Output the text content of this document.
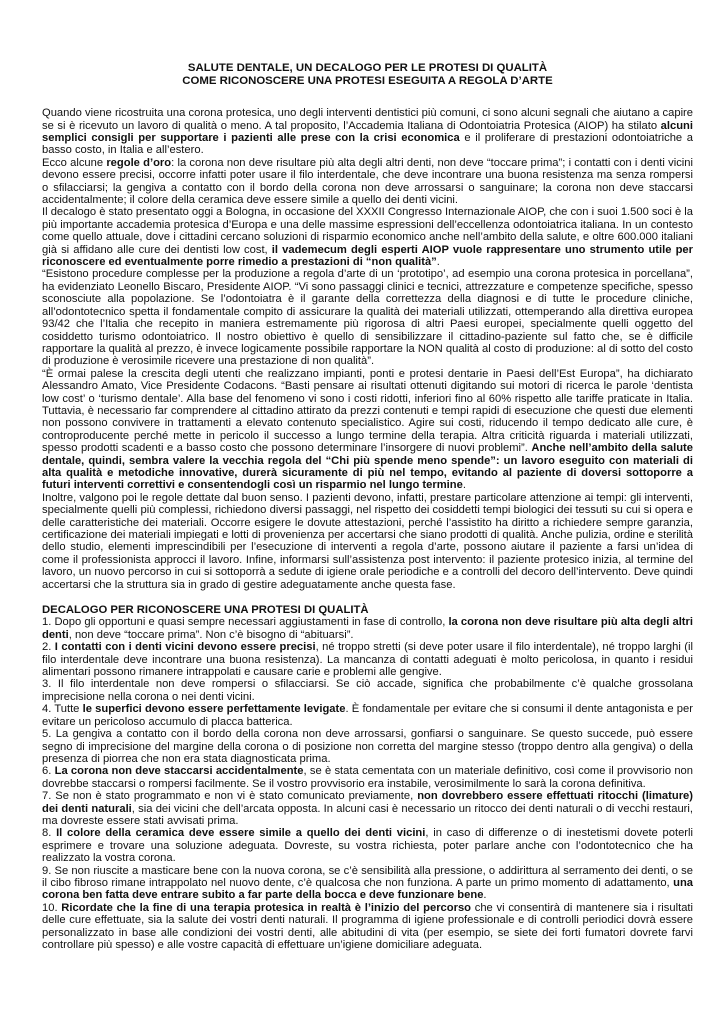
SALUTE DENTALE, UN DECALOGO PER LE PROTESI DI QUALITÀ
COME RICONOSCERE UNA PROTESI ESEGUITA A REGOLA D’ARTE

Quando viene ricostruita una corona protesica, uno degli interventi dentistici più comuni, ci sono alcuni segnali che aiutano a capire se si è ricevuto un lavoro di qualità o meno. A tal proposito, l’Accademia Italiana di Odontoiatria Protesica (AIOP) ha stilato alcuni semplici consigli per supportare i pazienti alle prese con la crisi economica e il proliferare di prestazioni odontoiatriche a basso costo, in Italia e all’estero.

Ecco alcune regole d’oro: la corona non deve risultare più alta degli altri denti, non deve “toccare prima”; i contatti con i denti vicini devono essere precisi, occorre infatti poter usare il filo interdentale, che deve incontrare una buona resistenza ma senza rompersi o sfilacciarsi; la gengiva a contatto con il bordo della corona non deve arrossarsi o sanguinare; la corona non deve staccarsi accidentalmente; il colore della ceramica deve essere simile a quello dei denti vicini.

Il decalogo è stato presentato oggi a Bologna, in occasione del XXXII Congresso Internazionale AIOP, che con i suoi 1.500 soci è la più importante accademia protesica d’Europa e una delle massime espressioni dell’eccellenza odontoiatrica italiana. In un contesto come quello attuale, dove i cittadini cercano soluzioni di risparmio economico anche nell’ambito della salute, e oltre 600.000 italiani già si affidano alle cure dei dentisti low cost, il vademecum degli esperti AIOP vuole rappresentare uno strumento utile per riconoscere ed eventualmente porre rimedio a prestazioni di “non qualità”.

“Esistono procedure complesse per la produzione a regola d’arte di un ‘prototipo’, ad esempio una corona protesica in porcellana”, ha evidenziato Leonello Biscaro, Presidente AIOP. “Vi sono passaggi clinici e tecnici, attrezzature e competenze specifiche, spesso sconosciute alla popolazione. Se l’odontoiatra è il garante della correttezza della diagnosi e di tutte le procedure cliniche, all’odontotecnico spetta il fondamentale compito di assicurare la qualità dei materiali utilizzati, ottemperando alla direttiva europea 93/42 che l’Italia che recepito in maniera estremamente più rigorosa di altri Paesi europei, specialmente quelli oggetto del cosiddetto turismo odontoiatrico. Il nostro obiettivo è quello di sensibilizzare il cittadino-paziente sul fatto che, se è difficile rapportare la qualità al prezzo, è invece logicamente possibile rapportare la NON qualità al costo di produzione: al di sotto del costo di produzione è verosimile ricevere una prestazione di non qualità”.

“È ormai palese la crescita degli utenti che realizzano impianti, ponti e protesi dentarie in Paesi dell’Est Europa”, ha dichiarato Alessandro Amato, Vice Presidente Codacons. “Basti pensare ai risultati ottenuti digitando sui motori di ricerca le parole ‘dentista low cost’ o ‘turismo dentale’. Alla base del fenomeno vi sono i costi ridotti, inferiori fino al 60% rispetto alle tariffe praticate in Italia. Tuttavia, è necessario far comprendere al cittadino attirato da prezzi contenuti e tempi rapidi di esecuzione che questi due elementi non possono convivere in trattamenti a elevato contenuto specialistico. Agire sui costi, riducendo il tempo dedicato alle cure, è controproducente perché mette in pericolo il successo a lungo termine della terapia. Altra criticità riguarda i materiali utilizzati, spesso prodotti scadenti e a basso costo che possono determinare l’insorgere di nuovi problemi”. Anche nell’ambito della salute dentale, quindi, sembra valere la vecchia regola del “Chi più spende meno spende”: un lavoro eseguito con materiali di alta qualità e metodiche innovative, durerà sicuramente di più nel tempo, evitando al paziente di doversi sottoporre a futuri interventi correttivi e consentendogli così un risparmio nel lungo termine.

Inoltre, valgono poi le regole dettate dal buon senso. I pazienti devono, infatti, prestare particolare attenzione ai tempi: gli interventi, specialmente quelli più complessi, richiedono diversi passaggi, nel rispetto dei cosiddetti tempi biologici dei tessuti su cui si opera e delle caratteristiche dei materiali. Occorre esigere le dovute attestazioni, perché l’assistito ha diritto a richiedere sempre garanzia, certificazione dei materiali impiegati e lotti di provenienza per accertarsi che siano prodotti di qualità. Anche pulizia, ordine e sterilità dello studio, elementi imprescindibili per l’esecuzione di interventi a regola d’arte, possono aiutare il paziente a farsi un’idea di come il professionista approcci il lavoro. Infine, informarsi sull’assistenza post intervento: il paziente protesico inizia, al termine del lavoro, un nuovo percorso in cui si sottoporrà a sedute di igiene orale periodiche e a controlli del decoro dell’intervento. Deve quindi accertarsi che la struttura sia in grado di gestire adeguatamente anche questa fase.

DECALOGO PER RICONOSCERE UNA PROTESI DI QUALITÀ

1. Dopo gli opportuni e quasi sempre necessari aggiustamenti in fase di controllo, la corona non deve risultare più alta degli altri denti, non deve “toccare prima”. Non c’è bisogno di “abituarsi”.

2. I contatti con i denti vicini devono essere precisi, né troppo stretti (si deve poter usare il filo interdentale), né troppo larghi (il filo interdentale deve incontrare una buona resistenza). La mancanza di contatti adeguati è molto pericolosa, in quanto i residui alimentari possono rimanere intrappolati e causare carie e problemi alle gengive.

3. Il filo interdentale non deve rompersi o sfilacciarsi. Se ciò accade, significa che probabilmente c’è qualche grossolana imprecisione nella corona o nei denti vicini.

4. Tutte le superfici devono essere perfettamente levigate. È fondamentale per evitare che si consumi il dente antagonista e per evitare un pericoloso accumulo di placca batterica.

5. La gengiva a contatto con il bordo della corona non deve arrossarsi, gonfiarsi o sanguinare. Se questo succede, può essere segno di imprecisione del margine della corona o di posizione non corretta del margine stesso (troppo dentro alla gengiva) o della presenza di piorrea che non era stata diagnosticata prima.

6. La corona non deve staccarsi accidentalmente, se è stata cementata con un materiale definitivo, così come il provvisorio non dovrebbe staccarsi o rompersi facilmente. Se il vostro provvisorio era instabile, verosimilmente lo sarà la corona definitiva.

7. Se non è stato programmato e non vi è stato comunicato previamente, non dovrebbero essere effettuati ritocchi (limature) dei denti naturali, sia dei vicini che dell’arcata opposta. In alcuni casi è necessario un ritocco dei denti naturali o di vecchi restauri, ma dovreste essere stati avvisati prima.

8. Il colore della ceramica deve essere simile a quello dei denti vicini, in caso di differenze o di inestetismi dovete poterli esprimere e trovare una soluzione adeguata. Dovreste, su vostra richiesta, poter parlare anche con l’odontotecnico che ha realizzato la vostra corona.

9. Se non riuscite a masticare bene con la nuova corona, se c’è sensibilità alla pressione, o addirittura al serramento dei denti, o se il cibo fibroso rimane intrappolato nel nuovo dente, c’è qualcosa che non funziona. A parte un primo momento di adattamento, una corona ben fatta deve entrare subito a far parte della bocca e deve funzionare bene.

10. Ricordate che la fine di una terapia protesica in realtà è l’inizio del percorso che vi consentirà di mantenere sia i risultati delle cure effettuate, sia la salute dei vostri denti naturali. Il programma di igiene professionale e di controlli periodici dovrà essere personalizzato in base alle condizioni dei vostri denti, alle abitudini di vita (per esempio, se siete dei forti fumatori dovrete farvi controllare più spesso) e alle vostre capacità di effettuare un’igiene domiciliare adeguata.
